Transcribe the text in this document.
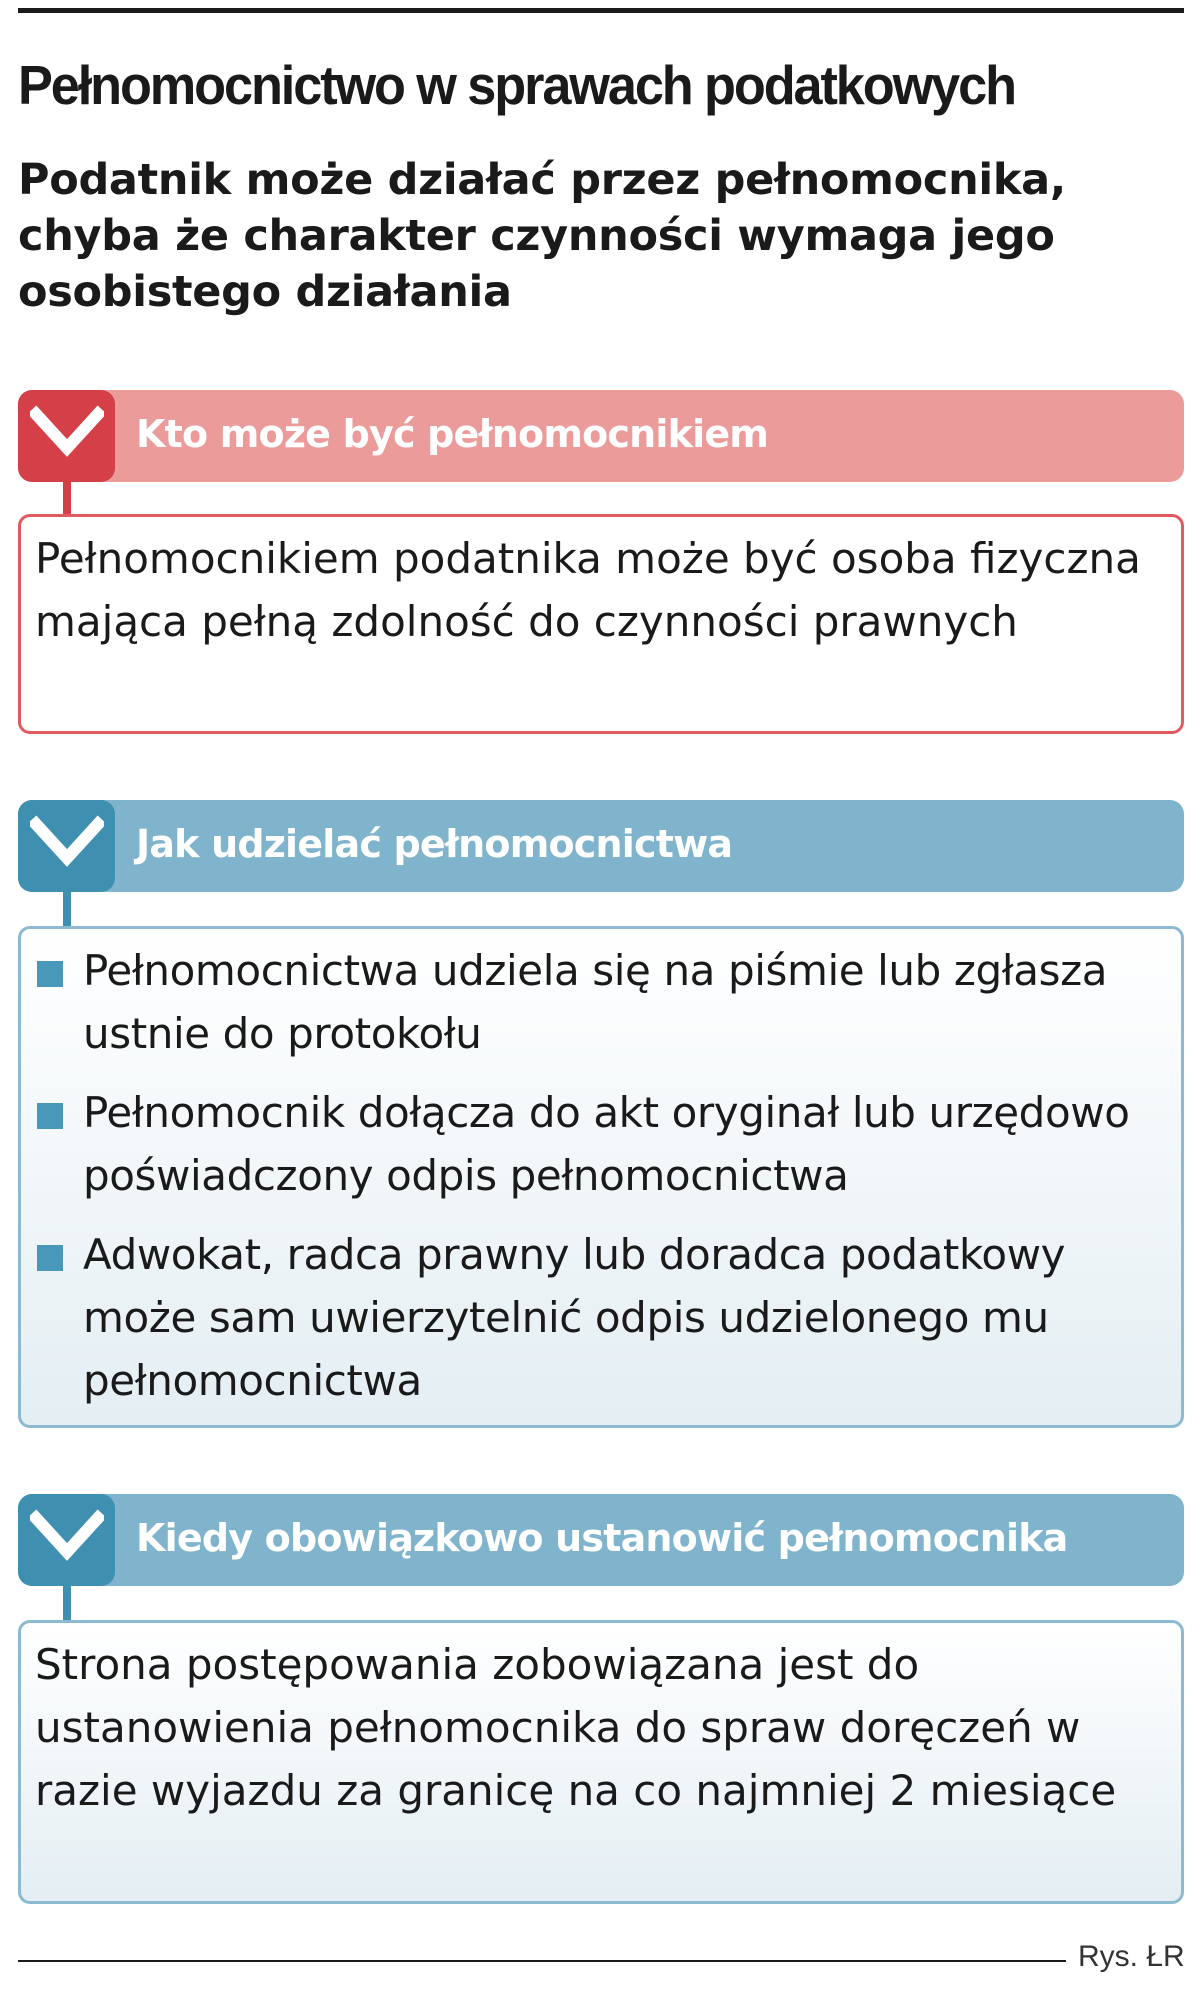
Pełnomocnictwo w sprawach podatkowych

Podatnik może działać przez pełnomocnika, chyba że charakter czynności wymaga jego osobistego działania

Kto może być pełnomocnikiem
Pełnomocnikiem podatnika może być osoba fizyczna mająca pełną zdolność do czynności prawnych
Jak udzielać pełnomocnictwa
Pełnomocnictwa udziela się na piśmie lub zgłasza ustnie do protokołu
Pełnomocnik dołącza do akt oryginał lub urzędowo poświadczony odpis pełnomocnictwa
Adwokat, radca prawny lub doradca podatkowy może sam uwierzytelnić odpis udzielonego mu pełnomocnictwa
Kiedy obowiązkowo ustanowić pełnomocnika
Strona postępowania zobowiązana jest do ustanowienia pełnomocnika do spraw doręczeń w razie wyjazdu za granicę na co najmniej 2 miesiące
Rys. ŁR
